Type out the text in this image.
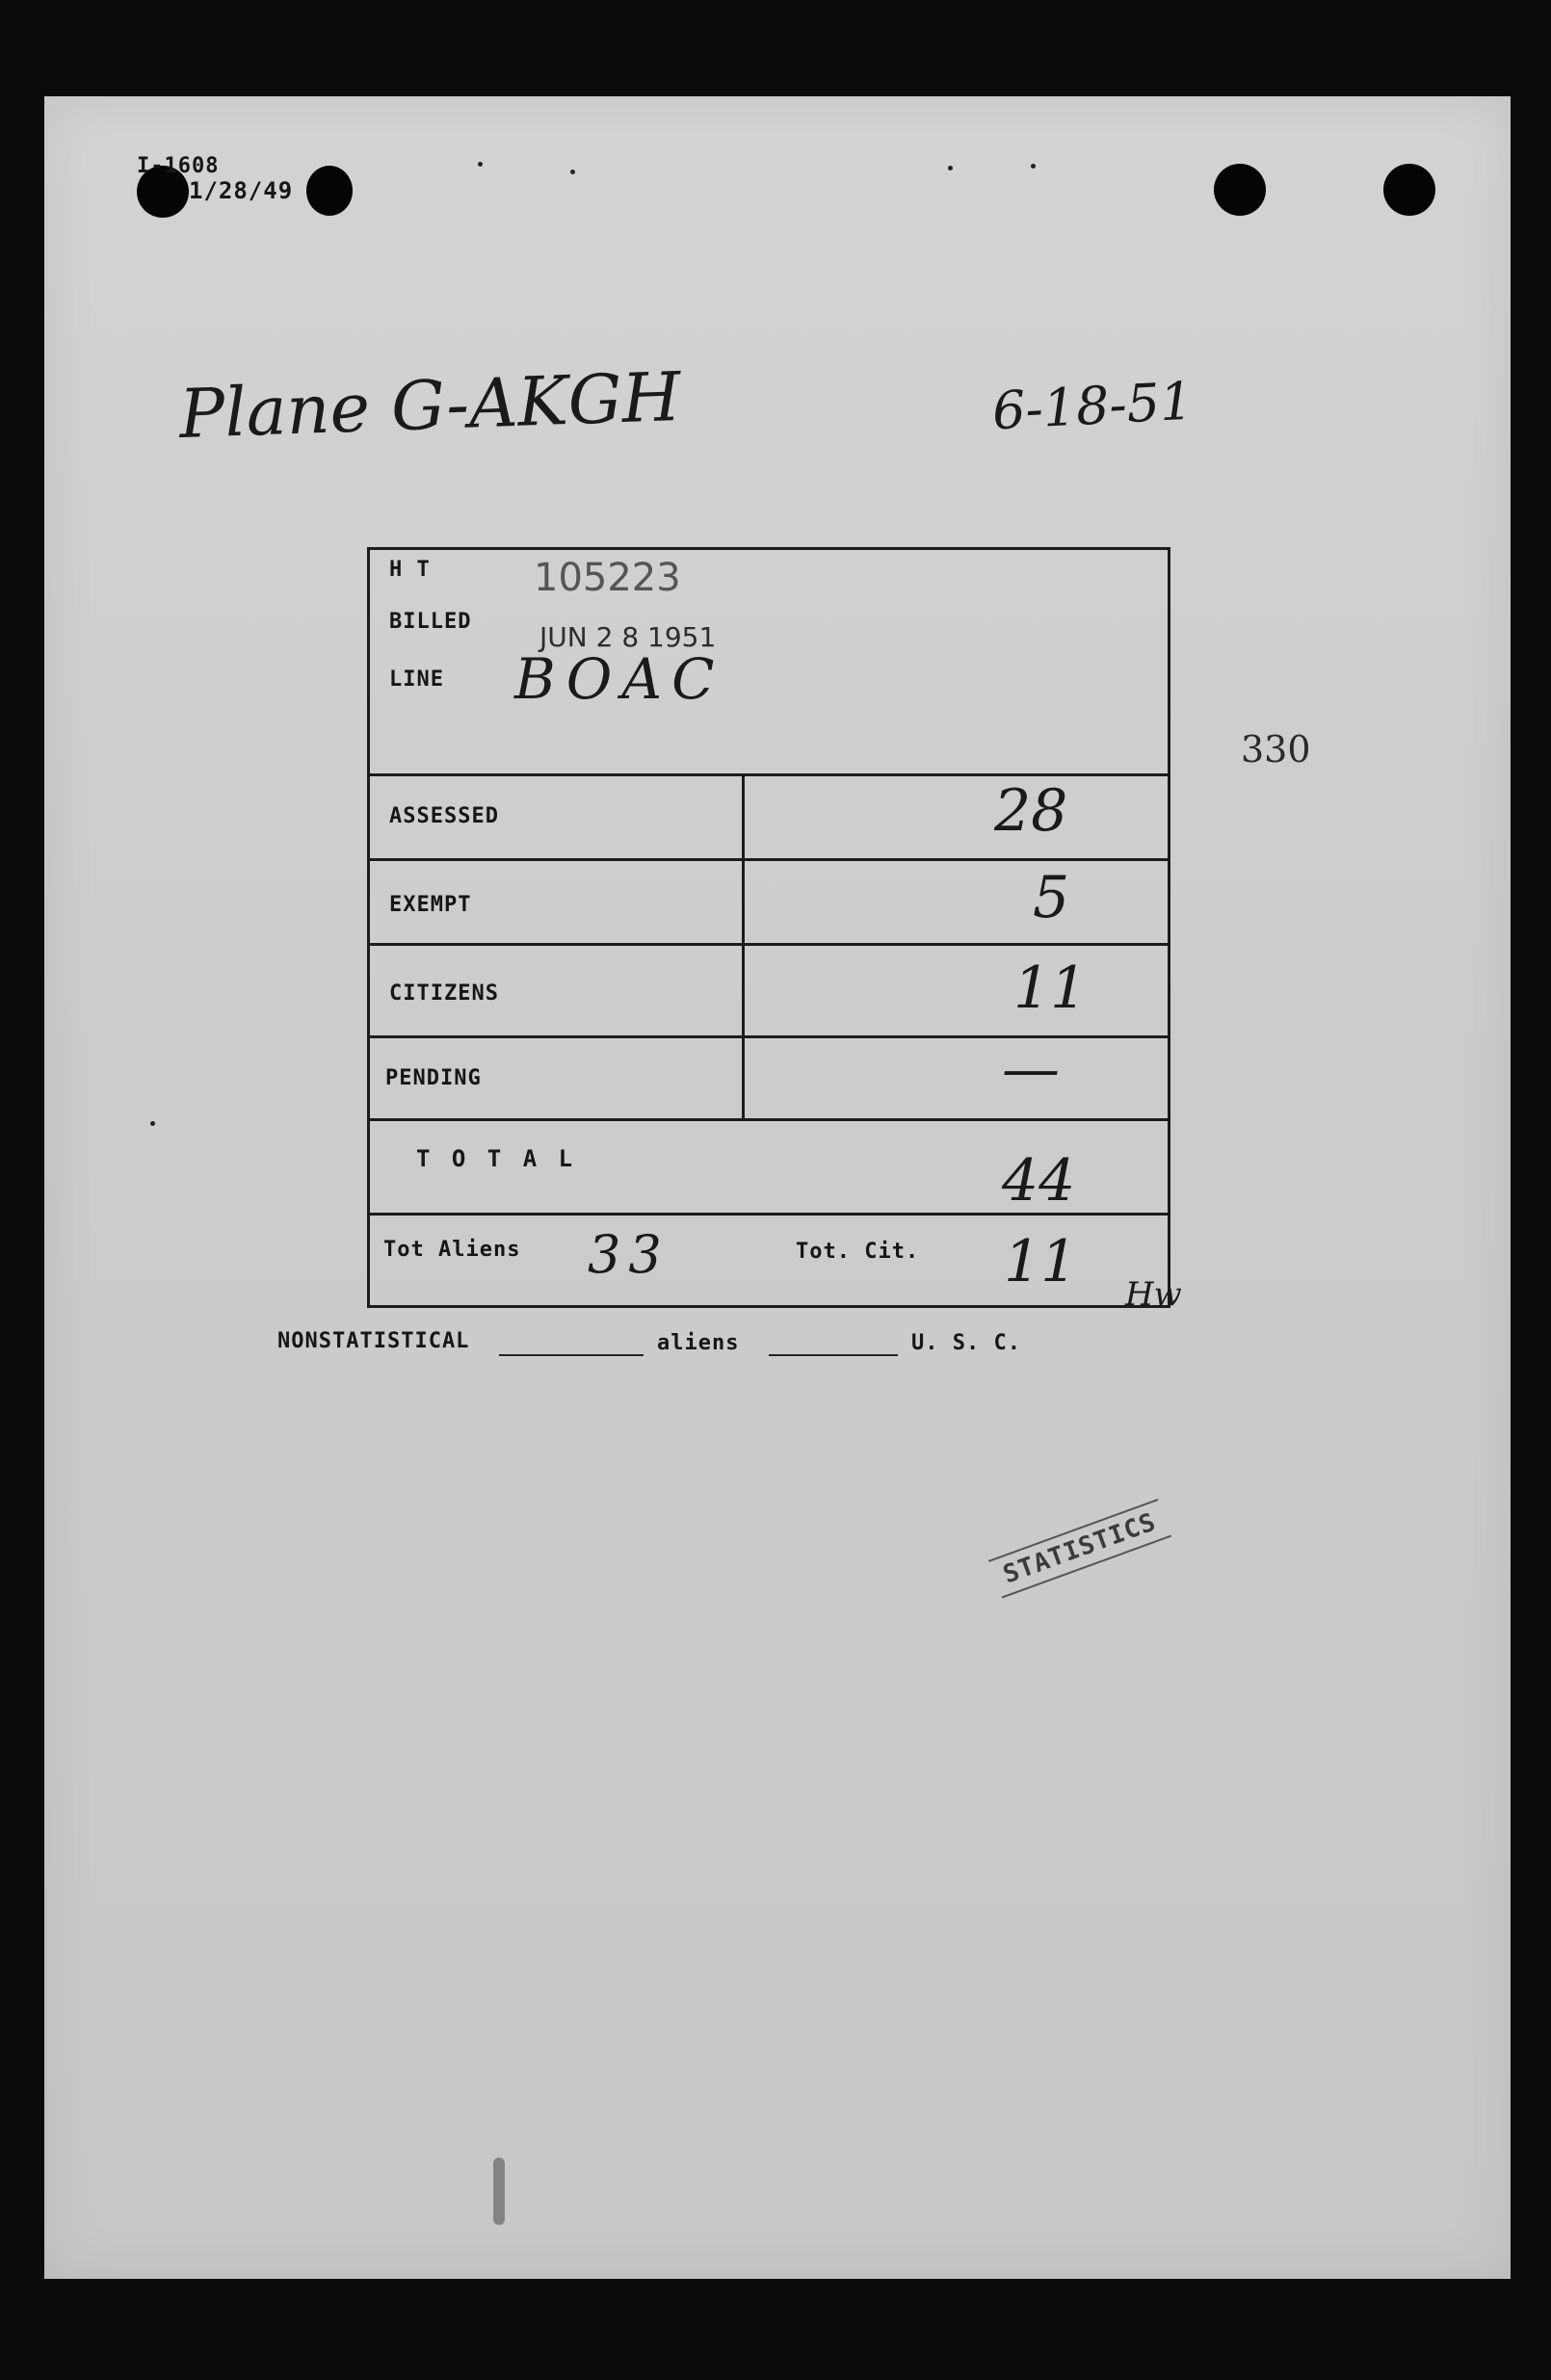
I-1608
1/28/49
Plane G-AKGH	6-18-51
330
H T	105223
BILLED	JUN 2 8 1951
LINE BOAC
ASSESSED	28
EXEMPT	5
CITIZENS	11
PENDING	—
T O T A L	44
Tot Aliens 33	Tot. Cit. 11 Hw
NONSTATISTICAL	aliens	U. S. C.
STATISTICS
